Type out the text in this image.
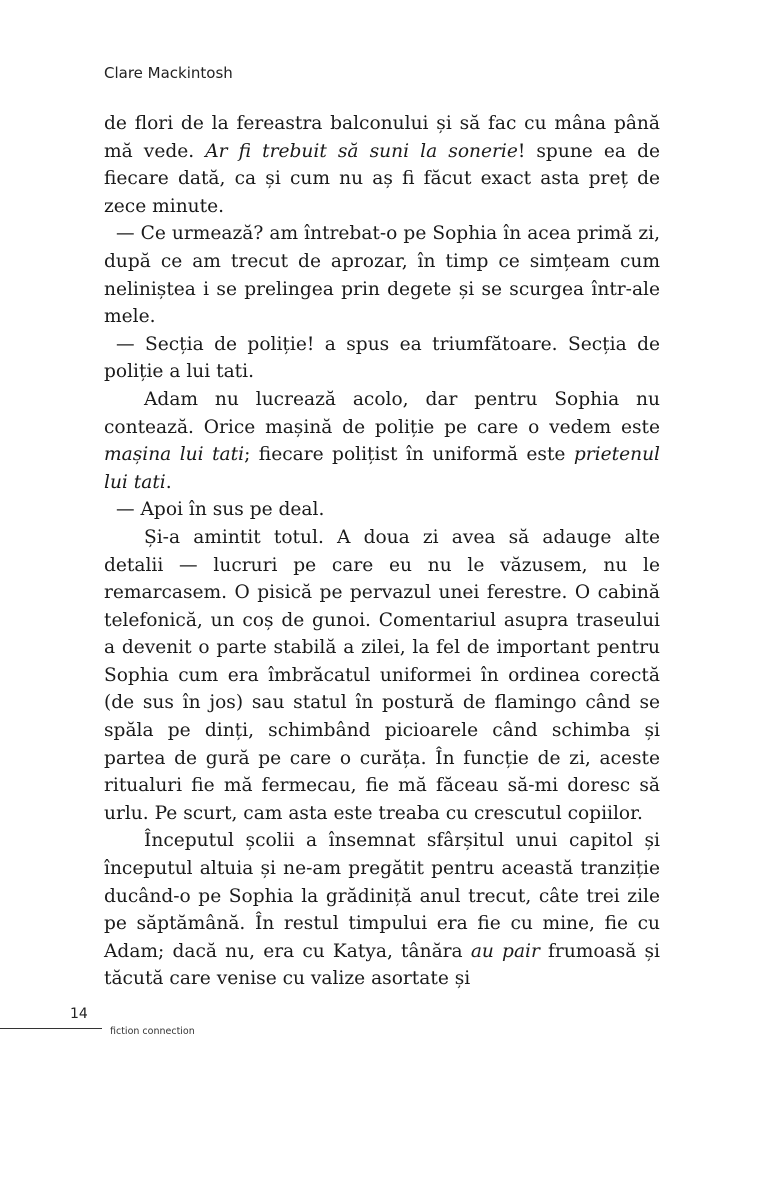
Clare Mackintosh

de flori de la fereastra balconului și să fac cu mâna până mă vede. Ar fi trebuit să suni la sonerie! spune ea de fiecare dată, ca și cum nu aș fi făcut exact asta preț de zece minute.

— Ce urmează? am întrebat-o pe Sophia în acea primă zi, după ce am trecut de aprozar, în timp ce simțeam cum neliniștea i se prelingea prin degete și se scurgea într-ale mele.

— Secția de poliție! a spus ea triumfătoare. Secția de poliție a lui tati.

Adam nu lucrează acolo, dar pentru Sophia nu contează. Orice mașină de poliție pe care o vedem este mașina lui tati; fiecare polițist în uniformă este prietenul lui tati.

— Apoi în sus pe deal.

Și-a amintit totul. A doua zi avea să adauge alte detalii — lucruri pe care eu nu le văzusem, nu le remarcasem. O pisică pe pervazul unei ferestre. O cabină telefonică, un coș de gunoi. Comentariul asupra traseului a devenit o parte stabilă a zilei, la fel de important pentru Sophia cum era îmbrăcatul uniformei în ordinea corectă (de sus în jos) sau statul în postură de flamingo când se spăla pe dinți, schimbând picioarele când schimba și partea de gură pe care o curăța. În funcție de zi, aceste ritualuri fie mă fermecau, fie mă făceau să-mi doresc să urlu. Pe scurt, cam asta este treaba cu crescutul copiilor.

Începutul școlii a însemnat sfârșitul unui capitol și începutul altuia și ne-am pregătit pentru această tranziție ducând-o pe Sophia la grădiniță anul trecut, câte trei zile pe săptămână. În restul timpului era fie cu mine, fie cu Adam; dacă nu, era cu Katya, tânăra au pair frumoasă și tăcută care venise cu valize asortate și

14
fiction connection
